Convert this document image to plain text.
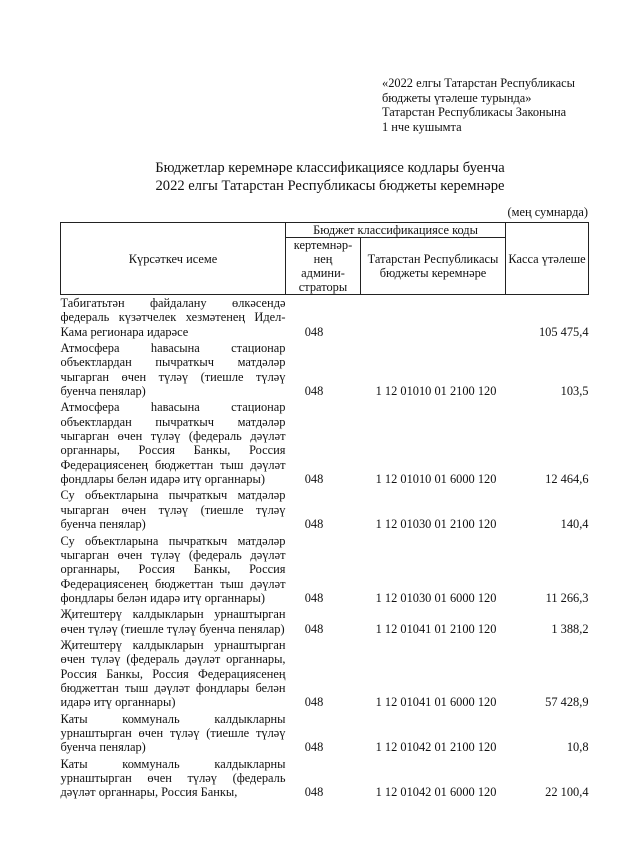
«2022 елгы Татарстан Республикасы
бюджеты үтәлеше турында»
Татарстан Республикасы Законына
1 нче кушымта
Бюджетлар керемнәре классификациясе кодлары буенча
2022 елгы Татарстан Республикасы бюджеты керемнәре
(мең сумнарда)
Күрсәткеч исеме	Бюджет классификациясе коды		Касса үтәлеше

	кертемнәр-
нең
админи-
страторы	Татарстан Республикасы бюджеты керемнәре	
Табигатьтән файдалану өлкәсендә федераль күзәтчелек хезмәтенең Идел-Кама регионара идарәсе	048		105 475,4
Атмосфера һавасына стационар объектлардан пычраткыч матдәләр чыгарган өчен түләү (тиешле түләү буенча пенялар)	048	1 12 01010 01 2100 120	103,5
Атмосфера һавасына стационар объектлардан пычраткыч матдәләр чыгарган өчен түләү (федераль дәүләт органнары, Россия Банкы, Россия Федерациясенең бюджеттан тыш дәүләт фондлары белән идарә итү органнары)	048	1 12 01010 01 6000 120	12 464,6
Су объектларына пычраткыч матдәләр чыгарган өчен түләү (тиешле түләү буенча пенялар)	048	1 12 01030 01 2100 120	140,4
Су объектларына пычраткыч матдәләр чыгарган өчен түләү (федераль дәүләт органнары, Россия Банкы, Россия Федерациясенең бюджеттан тыш дәүләт фондлары белән идарә итү органнары)	048	1 12 01030 01 6000 120	11 266,3
Җитештерү калдыкларын урнаштырган өчен түләү (тиешле түләү буенча пенялар)	048	1 12 01041 01 2100 120	1 388,2
Җитештерү калдыкларын урнаштырган өчен түләү (федераль дәүләт органнары, Россия Банкы, Россия Федерациясенең бюджеттан тыш дәүләт фондлары белән идарә итү органнары)	048	1 12 01041 01 6000 120	57 428,9
Каты коммуналь калдыкларны урнаштырган өчен түләү (тиешле түләү буенча пенялар)	048	1 12 01042 01 2100 120	10,8
Каты коммуналь калдыкларны урнаштырган өчен түләү (федераль дәүләт органнары, Россия Банкы,	048	1 12 01042 01 6000 120	22 100,4
